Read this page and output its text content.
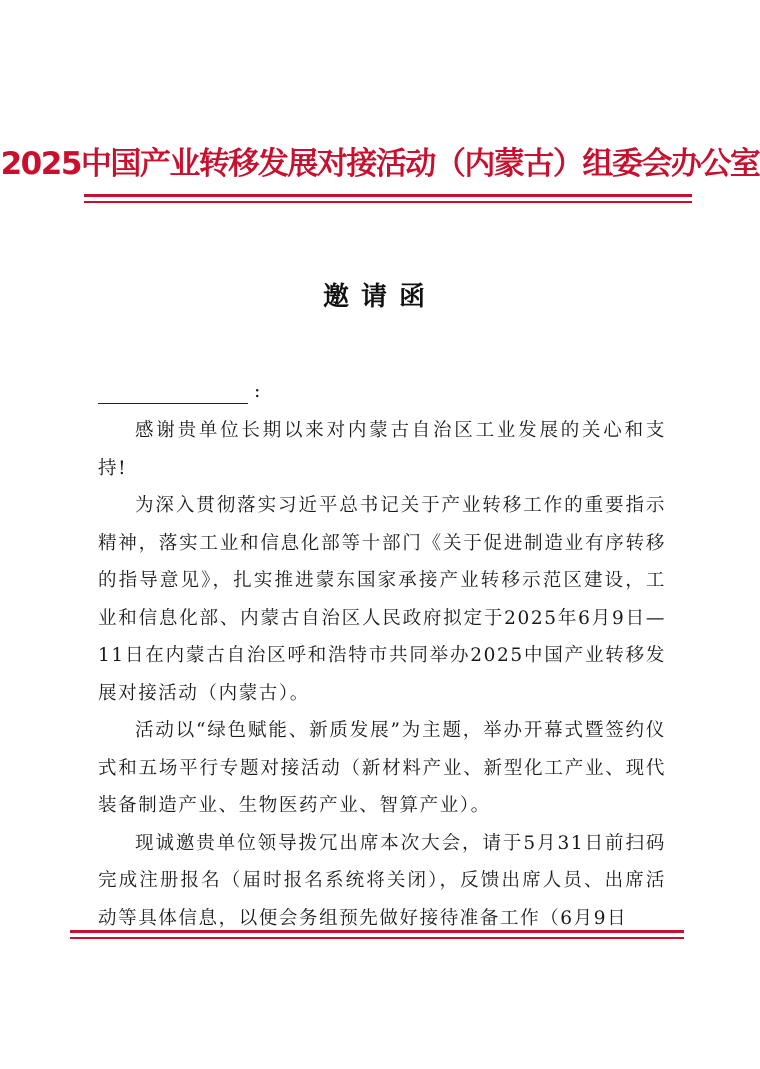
2025中国产业转移发展对接活动（内蒙古）组委会办公室
邀请函
:

感谢贵单位长期以来对内蒙古自治区工业发展的关心和支持!

为深入贯彻落实习近平总书记关于产业转移工作的重要指示精神，落实工业和信息化部等十部门《关于促进制造业有序转移的指导意见》，扎实推进蒙东国家承接产业转移示范区建设，工业和信息化部、内蒙古自治区人民政府拟定于2025年6月9日—11日在内蒙古自治区呼和浩特市共同举办2025中国产业转移发展对接活动（内蒙古）。

活动以“绿色赋能、新质发展”为主题，举办开幕式暨签约仪式和五场平行专题对接活动（新材料产业、新型化工产业、现代装备制造产业、生物医药产业、智算产业）。

现诚邀贵单位领导拨冗出席本次大会，请于5月31日前扫码完成注册报名（届时报名系统将关闭），反馈出席人员、出席活动等具体信息，以便会务组预先做好接待准备工作（6月9日
